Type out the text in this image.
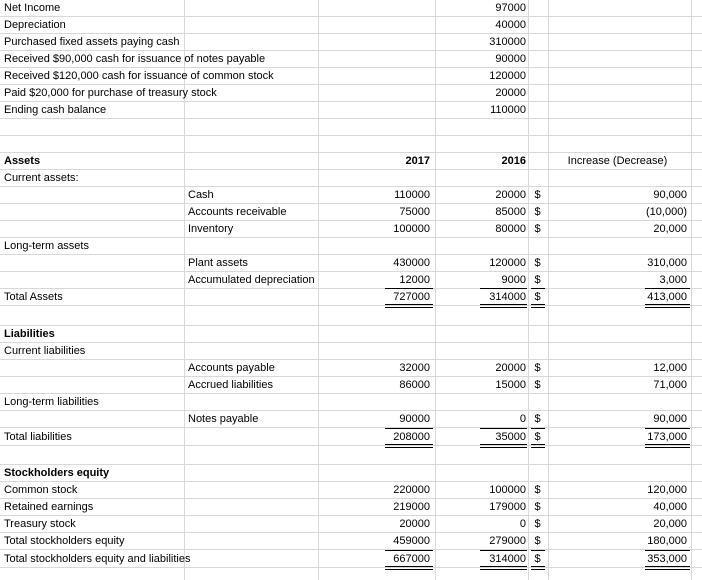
Net Income	97000
Depreciation	40000
Purchased fixed assets paying cash	310000
Received $90,000 cash for issuance of notes payable	90000
Received $120,000 cash for issuance of common stock	120000
Paid $20,000 for purchase of treasury stock	20000
Ending cash balance	110000
Assets	2017	2016	Increase (Decrease)
Current assets:
Cash	110000	20000 $	90,000
Accounts receivable	75000	85000 $	(10,000)
Inventory	100000	80000 $	20,000
Long-term assets
Plant assets	430000	120000 $	310,000
Accumulated depreciation	12000	9000 $	3,000
Total Assets	727000	314000 $	413,000
Liabilities
Current liabilities
Accounts payable	32000	20000 $	12,000
Accrued liabilities	86000	15000 $	71,000
Long-term liabilities
Notes payable	90000	0 $	90,000
Total liabilities	208000	35000 $	173,000
Stockholders equity
Common stock	220000	100000 $	120,000
Retained earnings	219000	179000 $	40,000
Treasury stock	20000	0 $	20,000
Total stockholders equity	459000	279000 $	180,000
Total stockholders equity and liabilities	667000	314000 $	353,000
